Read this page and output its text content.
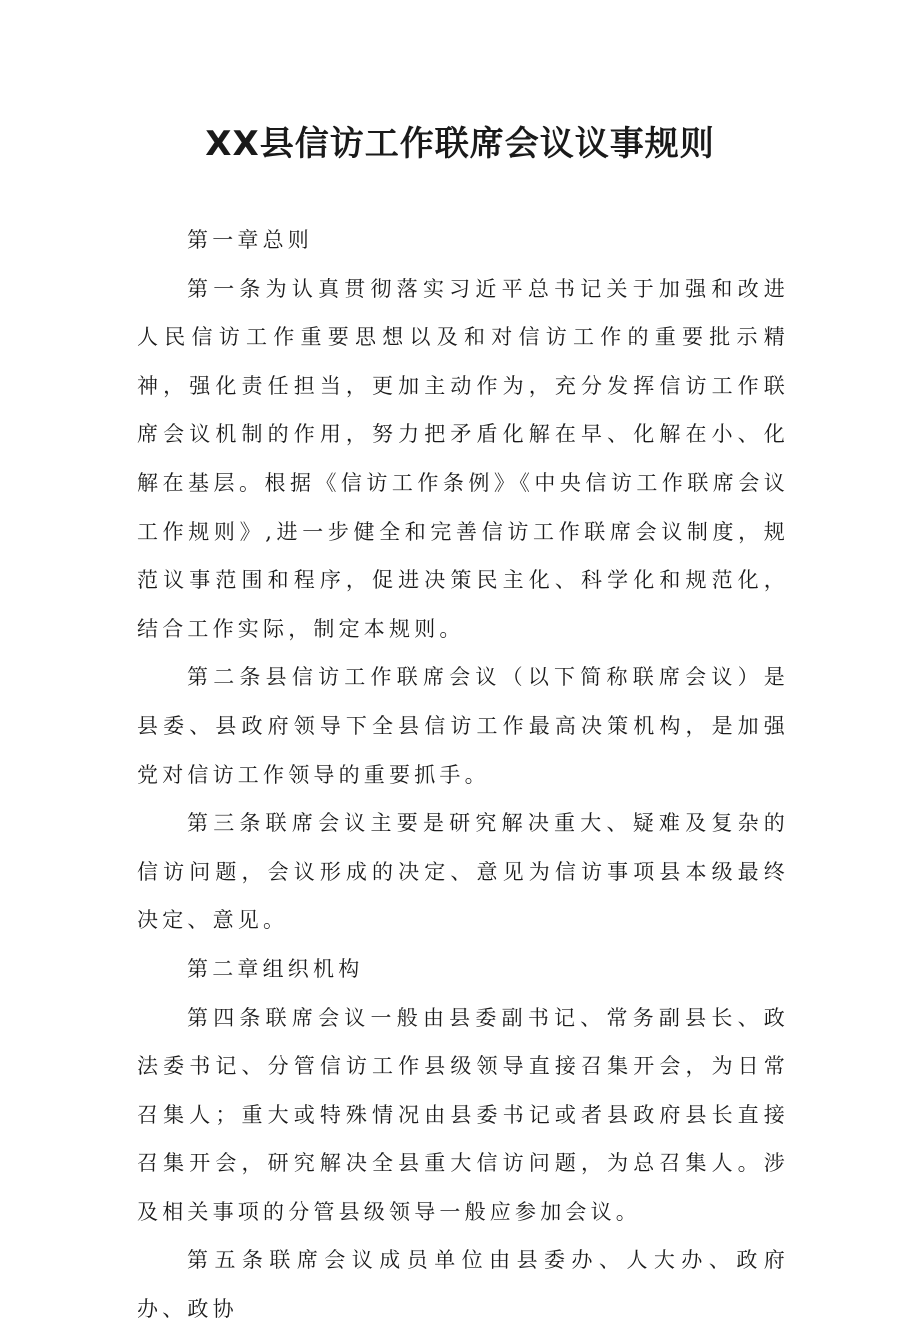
XX县信访工作联席会议议事规则

第一章总则

第一条为认真贯彻落实习近平总书记关于加强和改进人民信访工作重要思想以及和对信访工作的重要批示精神，强化责任担当，更加主动作为，充分发挥信访工作联席会议机制的作用，努力把矛盾化解在早、化解在小、化解在基层。根据《信访工作条例》《中央信访工作联席会议工作规则》,进一步健全和完善信访工作联席会议制度，规范议事范围和程序，促进决策民主化、科学化和规范化，结合工作实际，制定本规则。

第二条县信访工作联席会议（以下简称联席会议）是县委、县政府领导下全县信访工作最高决策机构，是加强党对信访工作领导的重要抓手。

第三条联席会议主要是研究解决重大、疑难及复杂的信访问题，会议形成的决定、意见为信访事项县本级最终决定、意见。

第二章组织机构

第四条联席会议一般由县委副书记、常务副县长、政法委书记、分管信访工作县级领导直接召集开会，为日常召集人；重大或特殊情况由县委书记或者县政府县长直接召集开会，研究解决全县重大信访问题，为总召集人。涉及相关事项的分管县级领导一般应参加会议。

第五条联席会议成员单位由县委办、人大办、政府办、政协
